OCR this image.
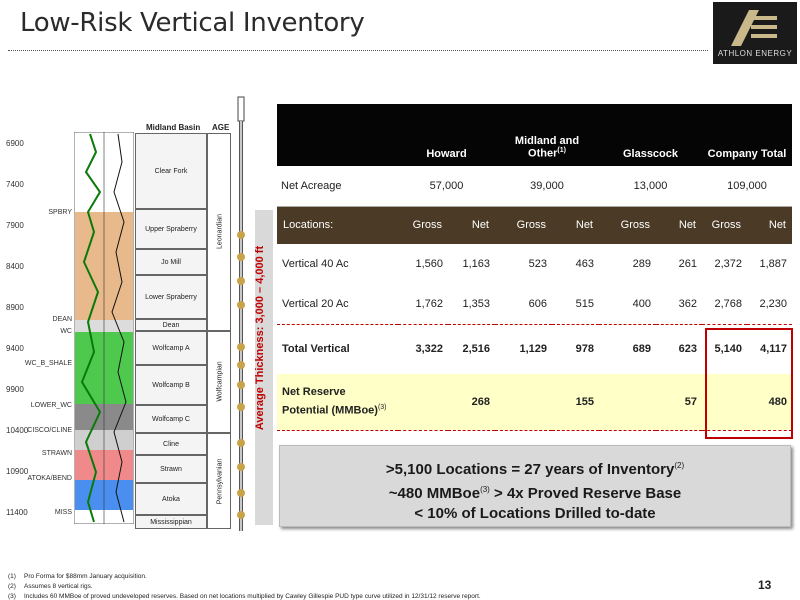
Low-Risk Vertical Inventory
ATHLON ENERGY
Midland Basin AGE
6900
7400
7900
8400
8900
9400
9900
10400
10900
11400
SPBRY
DEAN
WC
WC_B_SHALE
LOWER_WC
CISCO/CLINE
STRAWN
ATOKA/BEND
MISS
Clear Fork
Upper Spraberry
Jo Mill
Lower Spraberry
Dean
Wolfcamp A
Wolfcamp B
Wolfcamp C
Cline
Strawn
Atoka
Mississippian
Leonardian
Wolfcampian
Pennsylvanian
Average Thickness: 3,000 – 4,000 ft
	Howard		Midland and Other$^{(1)}$		Glasscock		Company Total	
Net Acreage	57,000		39,000		13,000		109,000	
Locations:	Gross	Net	Gross	Net	Gross	Net	Gross	Net
Vertical 40 Ac	1,560	1,163	523	463	289	261	2,372	1,887
Vertical 20 Ac	1,762	1,353	606	515	400	362	2,768	2,230
Total Vertical	3,322	2,516	1,129	978	689	623	5,140	4,117
Net Reserve
Potential (MMBoe)$^{(3)}$	268		155		57		480	
>5,100 Locations = 27 years of Inventory$^{(2)}$
~480 MMBoe$^{(3)}$ > 4x Proved Reserve Base
< 10% of Locations Drilled to-date
(1) Pro Forma for $88mm January acquisition.
(2) Assumes 8 vertical rigs.
(3) Includes 60 MMBoe of proved undeveloped reserves. Based on net locations multiplied by Cawley Gillespie PUD type curve utilized in 12/31/12 reserve report.
13
